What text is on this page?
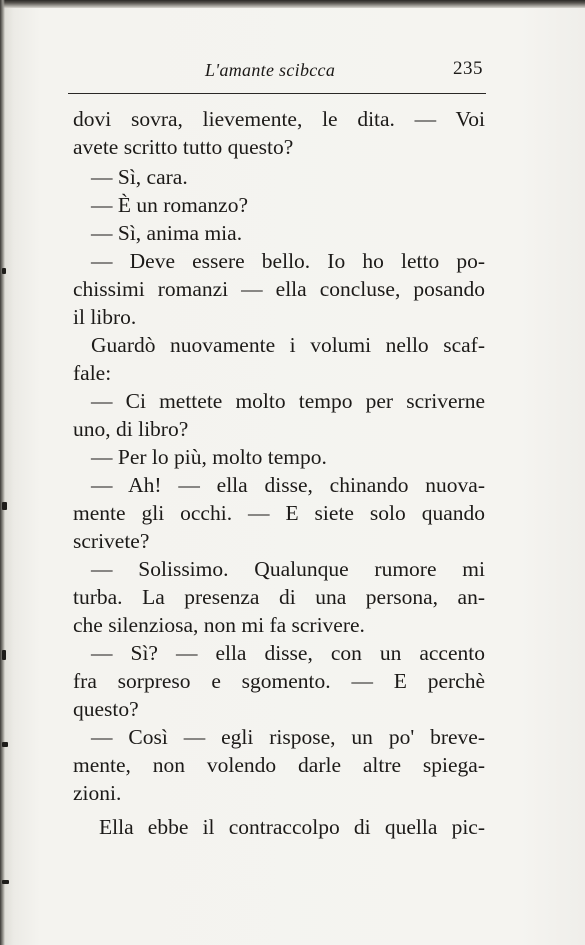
L'amante scibcca	235
dovi sovra, lievemente, le dita. — Voi
avete scritto tutto questo?
— Sì, cara.
— È un romanzo?
— Sì, anima mia.
— Deve essere bello. Io ho letto po-
chissimi romanzi — ella concluse, posando
il libro.
Guardò nuovamente i volumi nello scaf-
fale:
— Ci mettete molto tempo per scriverne
uno, di libro?
— Per lo più, molto tempo.
— Ah! — ella disse, chinando nuova-
mente gli occhi. — E siete solo quando
scrivete?
— Solissimo. Qualunque rumore mi
turba. La presenza di una persona, an-
che silenziosa, non mi fa scrivere.
— Sì? — ella disse, con un accento
fra sorpreso e sgomento. — E perchè
questo?
— Così — egli rispose, un po' breve-
mente, non volendo darle altre spiega-
zioni.
Ella ebbe il contraccolpo di quella pic-
